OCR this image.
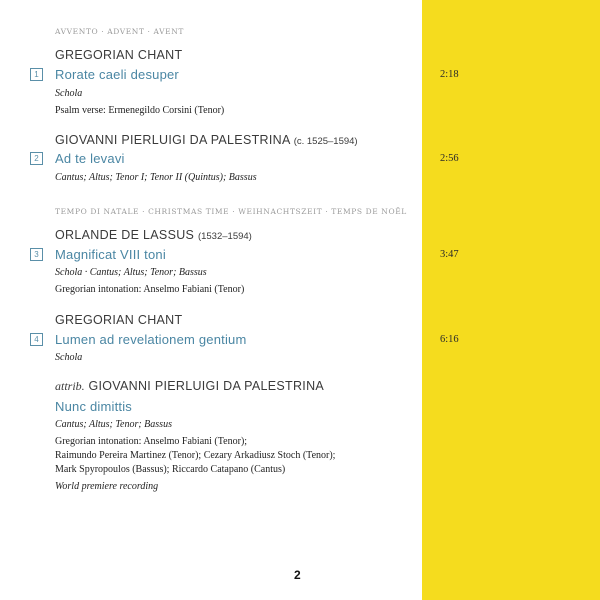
AVVENTO · ADVENT · AVENT
GREGORIAN CHANT
1	Rorate caeli desuper	2:18
Schola
Psalm verse: Ermenegildo Corsini (Tenor)
GIOVANNI PIERLUIGI DA PALESTRINA (c. 1525–1594)
2	Ad te levavi	2:56
Cantus; Altus; Tenor I; Tenor II (Quintus); Bassus
TEMPO DI NATALE · CHRISTMAS TIME · WEIHNACHTSZEIT · TEMPS DE NOËL
ORLANDE DE LASSUS (1532–1594)
3	Magnificat VIII toni	3:47
Schola · Cantus; Altus; Tenor; Bassus
Gregorian intonation: Anselmo Fabiani (Tenor)
GREGORIAN CHANT
4	Lumen ad revelationem gentium	6:16
Schola
attrib. GIOVANNI PIERLUIGI DA PALESTRINA
Nunc dimittis
Cantus; Altus; Tenor; Bassus
Gregorian intonation: Anselmo Fabiani (Tenor);
Raimundo Pereira Martinez (Tenor); Cezary Arkadiusz Stoch (Tenor);
Mark Spyropoulos (Bassus); Riccardo Catapano (Cantus)
World premiere recording
2
